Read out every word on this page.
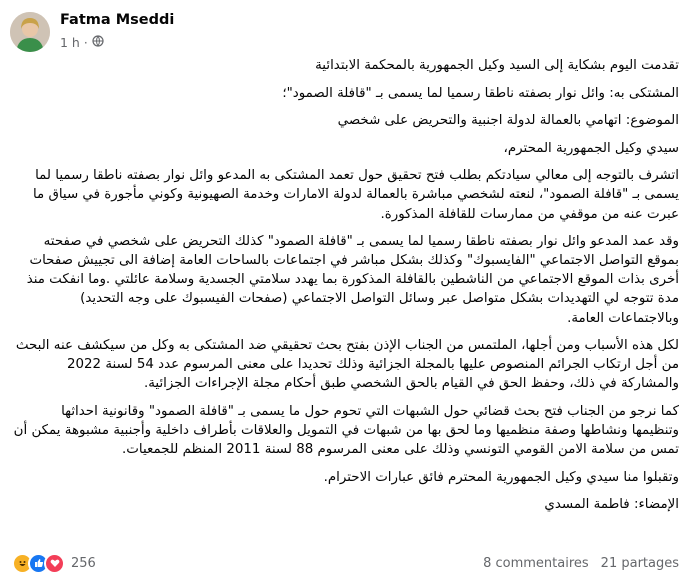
Fatma Mseddi
1 h ·

تقدمت اليوم بشكاية إلى السيد وكيل الجمهورية بالمحكمة الابتدائية

المشتكى به: وائل نوار بصفته ناطقا رسميا لما يسمى بـ "قافلة الصمود"؛

الموضوع: اتهامي بالعمالة لدولة اجنبية والتحريض على شخصي

سيدي وكيل الجمهورية المحترم،

اتشرف بالتوجه إلى معالي سيادتكم بطلب فتح تحقيق حول تعمد المشتكى به المدعو وائل نوار بصفته ناطقا رسميا لما يسمى بـ "قافلة الصمود"، لنعته لشخصي مباشرة بالعمالة لدولة الامارات وخدمة الصهيونية وكوني مأجورة في سياق ما عبرت عنه من موقفي من ممارسات للقافلة المذكورة.

وقد عمد المدعو وائل نوار بصفته ناطقا رسميا لما يسمى بـ "قافلة الصمود" كذلك التحريض على شخصي في صفحته بموقع التواصل الاجتماعي "الفايسبوك" وكذلك بشكل مباشر في اجتماعات بالساحات العامة إضافة الى تجييش صفحات أخرى بذات الموقع الاجتماعي من الناشطين بالقافلة المذكورة بما يهدد سلامتي الجسدية وسلامة عائلتي .وما انفكت منذ مدة تتوجه لي التهديدات بشكل متواصل عبر وسائل التواصل الاجتماعي (صفحات الفيسبوك على وجه التحديد) وبالاجتماعات العامة.

لكل هذه الأسباب ومن أجلها، الملتمس من الجناب الإذن بفتح بحث تحقيقي ضد المشتكى به وكل من سيكشف عنه البحث من أجل ارتكاب الجرائم المنصوص عليها بالمجلة الجزائية وذلك تحديدا على معنى المرسوم عدد 54 لسنة 2022 والمشاركة في ذلك، وحفظ الحق في القيام بالحق الشخصي طبق أحكام مجلة الإجراءات الجزائية.

كما نرجو من الجناب فتح بحث قضائي حول الشبهات التي تحوم حول ما يسمى بـ "قافلة الصمود" وقانونية احداثها وتنظيمها ونشاطها وصفة منظميها وما لحق بها من شبهات في التمويل والعلاقات بأطراف داخلية وأجنبية مشبوهة يمكن أن تمس من سلامة الامن القومي التونسي وذلك على معنى المرسوم 88 لسنة 2011 المنظم للجمعيات.

وتقبلوا منا سيدي وكيل الجمهورية المحترم فائق عبارات الاحترام.

الإمضاء: فاطمة المسدي

256	8 commentaires 21 partages
